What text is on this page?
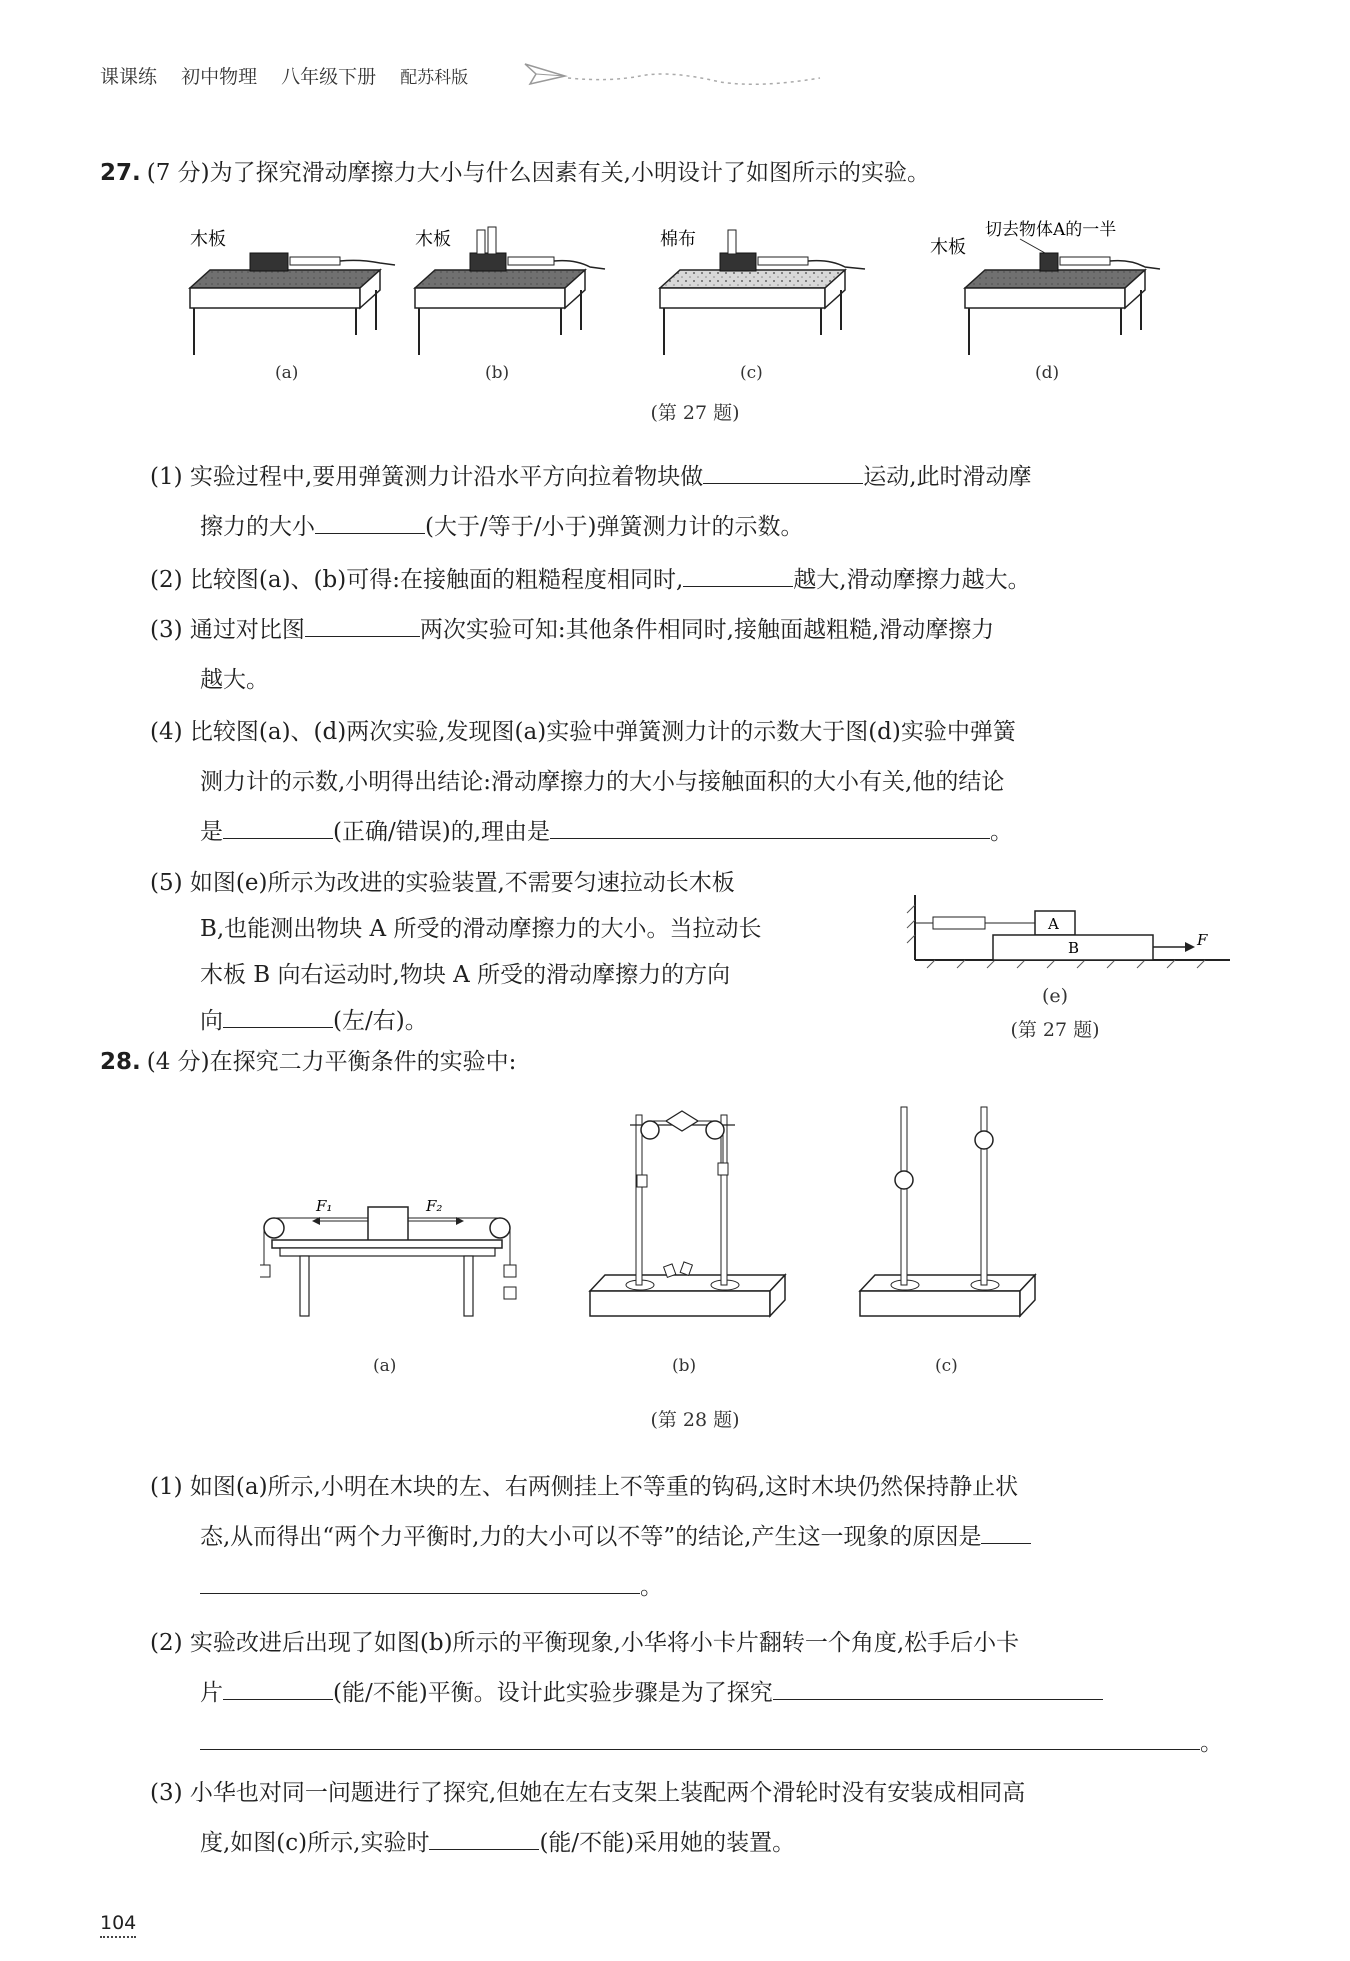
课课练 初中物理 八年级下册 配苏科版
27. (7 分)为了探究滑动摩擦力大小与什么因素有关,小明设计了如图所示的实验。
木板
(a)
木板
(b)
棉布
(c)
木板
切去物体A的一半
(d)
(第 27 题)
(1) 实验过程中,要用弹簧测力计沿水平方向拉着物块做	运动,此时滑动摩
擦力的大小	(大于/等于/小于)弹簧测力计的示数。
(2) 比较图(a)、(b)可得:在接触面的粗糙程度相同时,	越大,滑动摩擦力越大。
(3) 通过对比图	两次实验可知:其他条件相同时,接触面越粗糙,滑动摩擦力
越大。
(4) 比较图(a)、(d)两次实验,发现图(a)实验中弹簧测力计的示数大于图(d)实验中弹簧
测力计的示数,小明得出结论:滑动摩擦力的大小与接触面积的大小有关,他的结论
是	(正确/错误)的,理由是	。
(5) 如图(e)所示为改进的实验装置,不需要匀速拉动长木板
B,也能测出物块 A 所受的滑动摩擦力的大小。当拉动长
木板 B 向右运动时,物块 A 所受的滑动摩擦力的方向
向	(左/右)。
A
B	F
(e)
(第 27 题)
28. (4 分)在探究二力平衡条件的实验中:
F₁	F₂
(a)	(b)	(c)
(第 28 题)
(1) 如图(a)所示,小明在木块的左、右两侧挂上不等重的钩码,这时木块仍然保持静止状
态,从而得出“两个力平衡时,力的大小可以不等”的结论,产生这一现象的原因是
。
(2) 实验改进后出现了如图(b)所示的平衡现象,小华将小卡片翻转一个角度,松手后小卡
片	(能/不能)平衡。设计此实验步骤是为了探究
。
(3) 小华也对同一问题进行了探究,但她在左右支架上装配两个滑轮时没有安装成相同高
度,如图(c)所示,实验时	(能/不能)采用她的装置。
104
